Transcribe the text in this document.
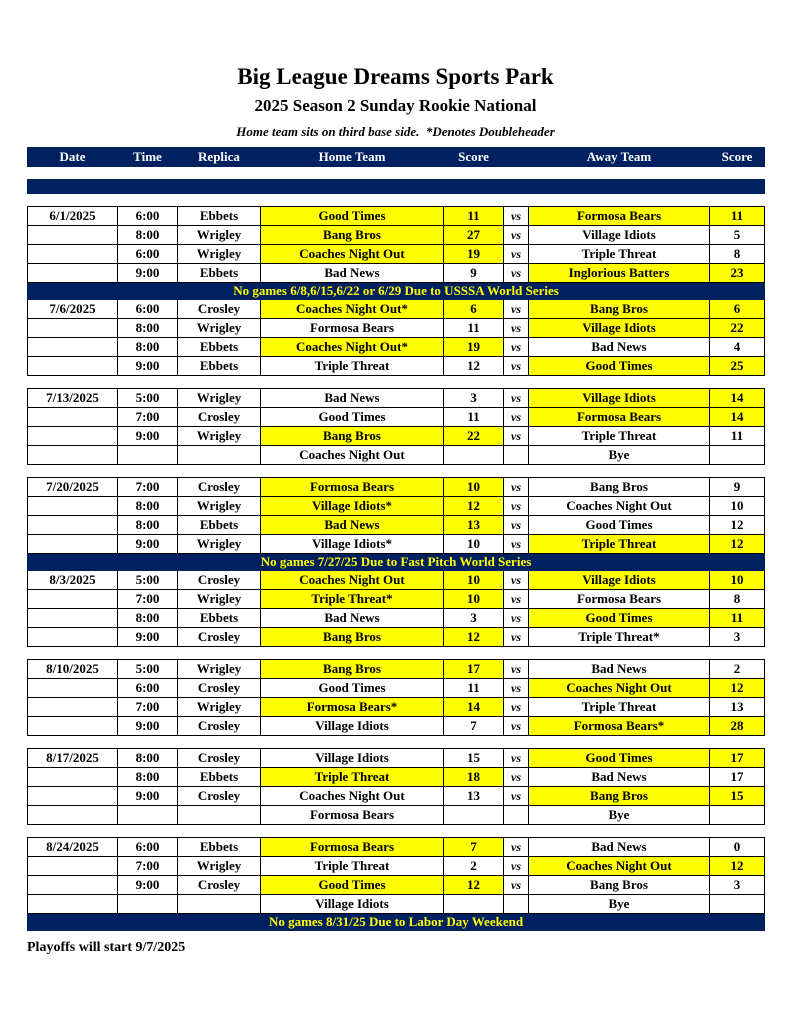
Big League Dreams Sports Park
2025 Season 2 Sunday Rookie National
Home team sits on third base side.  *Denotes Doubleheader
Date	Time	Replica	Home Team	Score		Away Team	Score

6/1/2025	6:00	Ebbets	Good Times	11	vs	Formosa Bears	11
	8:00	Wrigley	Bang Bros	27	vs	Village Idiots	5
	6:00	Wrigley	Coaches Night Out	19	vs	Triple Threat	8
	9:00	Ebbets	Bad News	9	vs	Inglorious Batters	23
No games 6/8,6/15,6/22 or 6/29 Due to USSSA World Series							
7/6/2025	6:00	Crosley	Coaches Night Out*	6	vs	Bang Bros	6
	8:00	Wrigley	Formosa Bears	11	vs	Village Idiots	22
	8:00	Ebbets	Coaches Night Out*	19	vs	Bad News	4
	9:00	Ebbets	Triple Threat	12	vs	Good Times	25

7/13/2025	5:00	Wrigley	Bad News	3	vs	Village Idiots	14
	7:00	Crosley	Good Times	11	vs	Formosa Bears	14
	9:00	Wrigley	Bang Bros	22	vs	Triple Threat	11
			Coaches Night Out			Bye	

7/20/2025	7:00	Crosley	Formosa Bears	10	vs	Bang Bros	9
	8:00	Wrigley	Village Idiots*	12	vs	Coaches Night Out	10
	8:00	Ebbets	Bad News	13	vs	Good Times	12
	9:00	Wrigley	Village Idiots*	10	vs	Triple Threat	12
No games 7/27/25 Due to Fast Pitch World Series							
8/3/2025	5:00	Crosley	Coaches Night Out	10	vs	Village Idiots	10
	7:00	Wrigley	Triple Threat*	10	vs	Formosa Bears	8
	8:00	Ebbets	Bad News	3	vs	Good Times	11
	9:00	Crosley	Bang Bros	12	vs	Triple Threat*	3

8/10/2025	5:00	Wrigley	Bang Bros	17	vs	Bad News	2
	6:00	Crosley	Good Times	11	vs	Coaches Night Out	12
	7:00	Wrigley	Formosa Bears*	14	vs	Triple Threat	13
	9:00	Crosley	Village Idiots	7	vs	Formosa Bears*	28

8/17/2025	8:00	Crosley	Village Idiots	15	vs	Good Times	17
	8:00	Ebbets	Triple Threat	18	vs	Bad News	17
	9:00	Crosley	Coaches Night Out	13	vs	Bang Bros	15
			Formosa Bears			Bye	

8/24/2025	6:00	Ebbets	Formosa Bears	7	vs	Bad News	0
	7:00	Wrigley	Triple Threat	2	vs	Coaches Night Out	12
	9:00	Crosley	Good Times	12	vs	Bang Bros	3
			Village Idiots			Bye	
No games 8/31/25 Due to Labor Day Weekend							
Playoffs will start 9/7/2025
